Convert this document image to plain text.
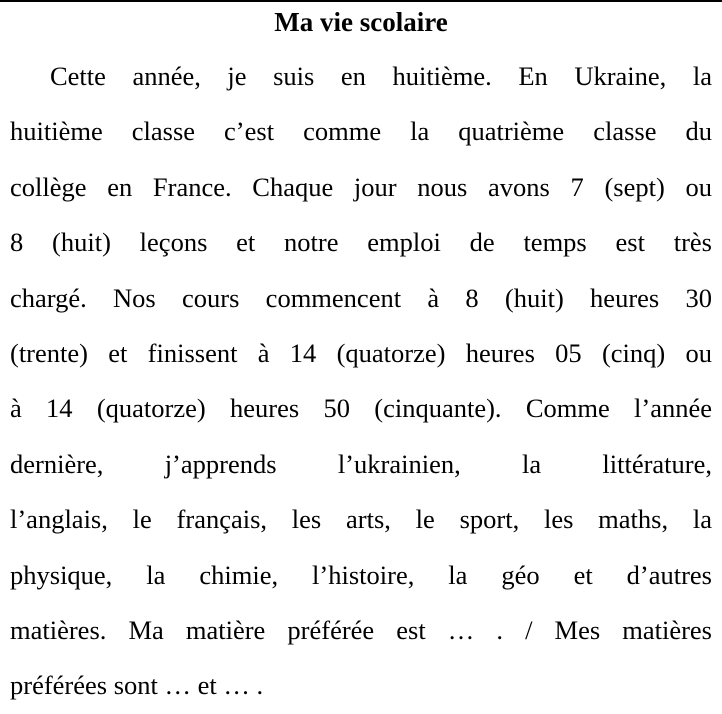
Ma vie scolaire
Cette année, je suis en huitième. En Ukraine, la
huitième classe c’est comme la quatrième classe du
collège en France. Chaque jour nous avons 7 (sept) ou
8 (huit) leçons et notre emploi de temps est très
chargé. Nos cours commencent à 8 (huit) heures 30
(trente) et finissent à 14 (quatorze) heures 05 (cinq) ou
à 14 (quatorze) heures 50 (cinquante). Comme l’année
dernière, j’apprends l’ukrainien, la littérature,
l’anglais, le français, les arts, le sport, les maths, la
physique, la chimie, l’histoire, la géo et d’autres
matières. Ma matière préférée est … . / Mes matières
préférées sont … et … .
